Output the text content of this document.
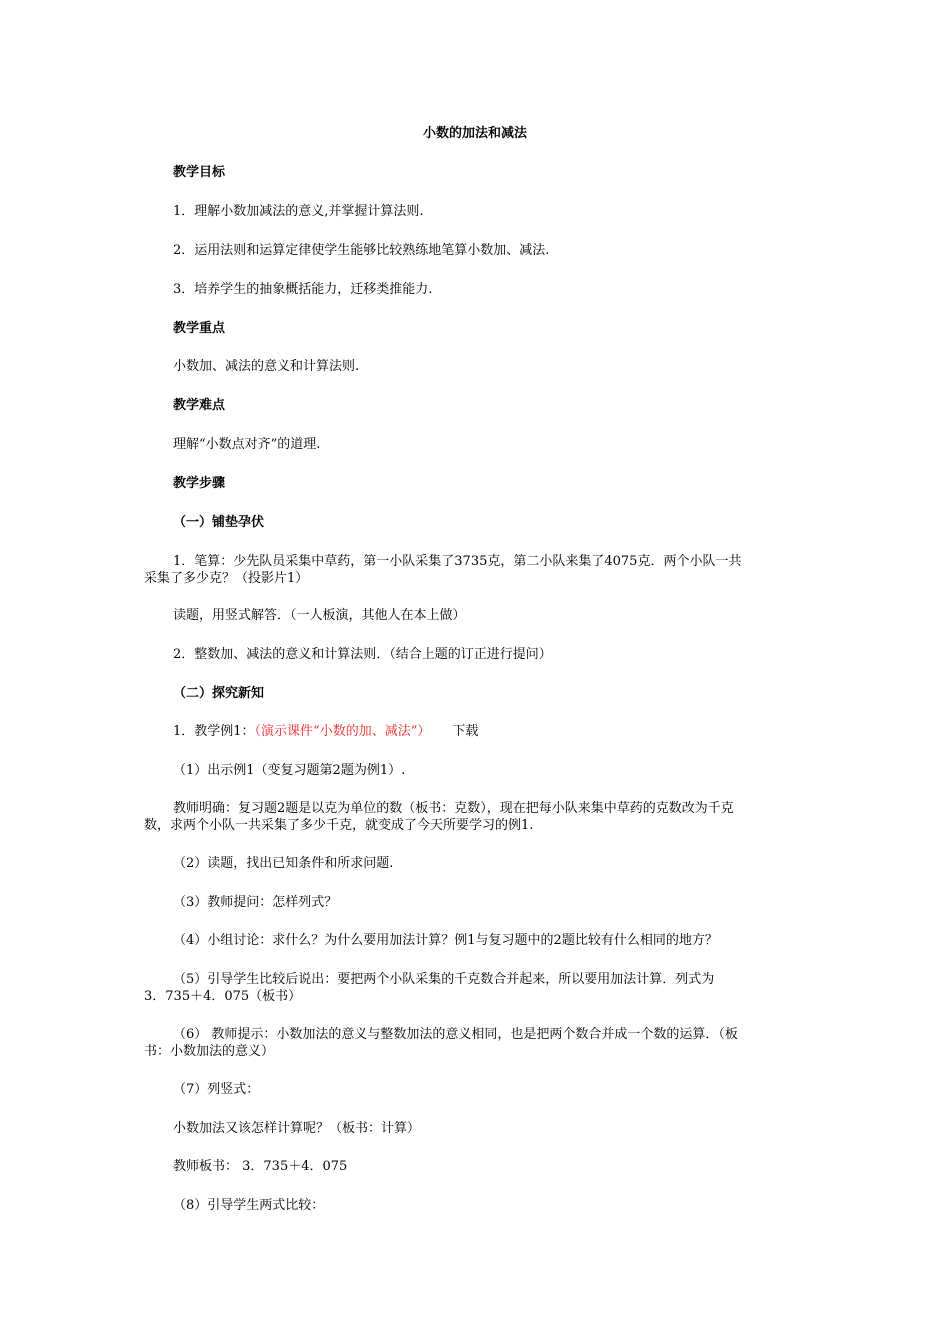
小数的加法和减法
教学目标
1．理解小数加减法的意义,并掌握计算法则.
2．运用法则和运算定律使学生能够比较熟练地笔算小数加、减法.
3．培养学生的抽象概括能力，迁移类推能力.
教学重点
小数加、减法的意义和计算法则.
教学难点
理解“小数点对齐”的道理.
教学步骤
（一）铺垫孕伏
1．笔算：少先队员采集中草药，第一小队采集了3735克，第二小队来集了4075克．两个小队一共
采集了多少克？（投影片1）
读题，用竖式解答．（一人板演，其他人在本上做）
2．整数加、减法的意义和计算法则．（结合上题的订正进行提问）
（二）探究新知
1．教学例1：（演示课件“小数的加、减法”） 下载
（1）出示例1（变复习题第2题为例1）.
教师明确：复习题2题是以克为单位的数（板书：克数），现在把每小队来集中草药的克数改为千克
数，求两个小队一共采集了多少千克，就变成了今天所要学习的例1.
（2）读题，找出已知条件和所求问题.
（3）教师提问：怎样列式？
（4）小组讨论：求什么？为什么要用加法计算？例1与复习题中的2题比较有什么相同的地方？
（5）引导学生比较后说出：要把两个小队采集的千克数合并起来，所以要用加法计算．列式为
3．735＋4．075（板书）
（6） 教师提示：小数加法的意义与整数加法的意义相同，也是把两个数合并成一个数的运算．（板
书：小数加法的意义）
（7）列竖式：
小数加法又该怎样计算呢？（板书：计算）
教师板书： 3．735＋4．075
（8）引导学生两式比较：
